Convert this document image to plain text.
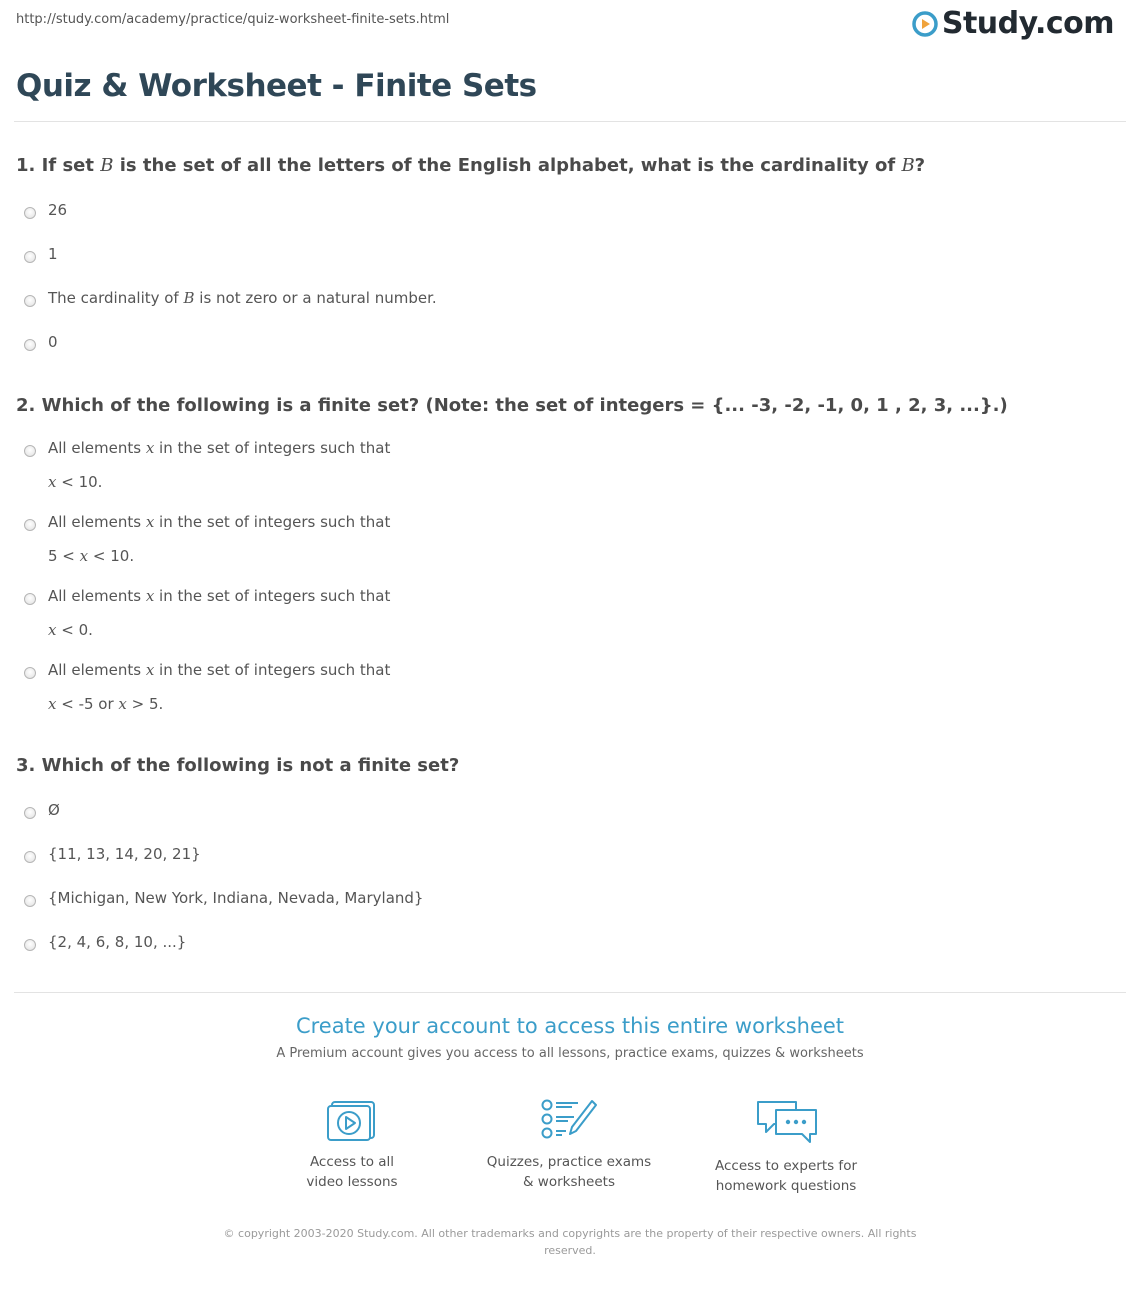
http://study.com/academy/practice/quiz-worksheet-finite-sets.html	Study.com
Quiz & Worksheet - Finite Sets
1. If set B is the set of all the letters of the English alphabet, what is the cardinality of B?
26
1
The cardinality of B is not zero or a natural number.
0
2. Which of the following is a finite set? (Note: the set of integers = {... -3, -2, -1, 0, 1 , 2, 3, ...}.)
All elements x in the set of integers such that
x < 10.
All elements x in the set of integers such that
5 < x < 10.
All elements x in the set of integers such that
x < 0.
All elements x in the set of integers such that
x < -5 or x > 5.
3. Which of the following is not a finite set?
Ø
{11, 13, 14, 20, 21}
{Michigan, New York, Indiana, Nevada, Maryland}
{2, 4, 6, 8, 10, ...}
Create your account to access this entire worksheet
A Premium account gives you access to all lessons, practice exams, quizzes & worksheets
Access to all
video lessons
Quizzes, practice exams
& worksheets
Access to experts for
homework questions
© copyright 2003-2020 Study.com. All other trademarks and copyrights are the property of their respective owners. All rights
reserved.
